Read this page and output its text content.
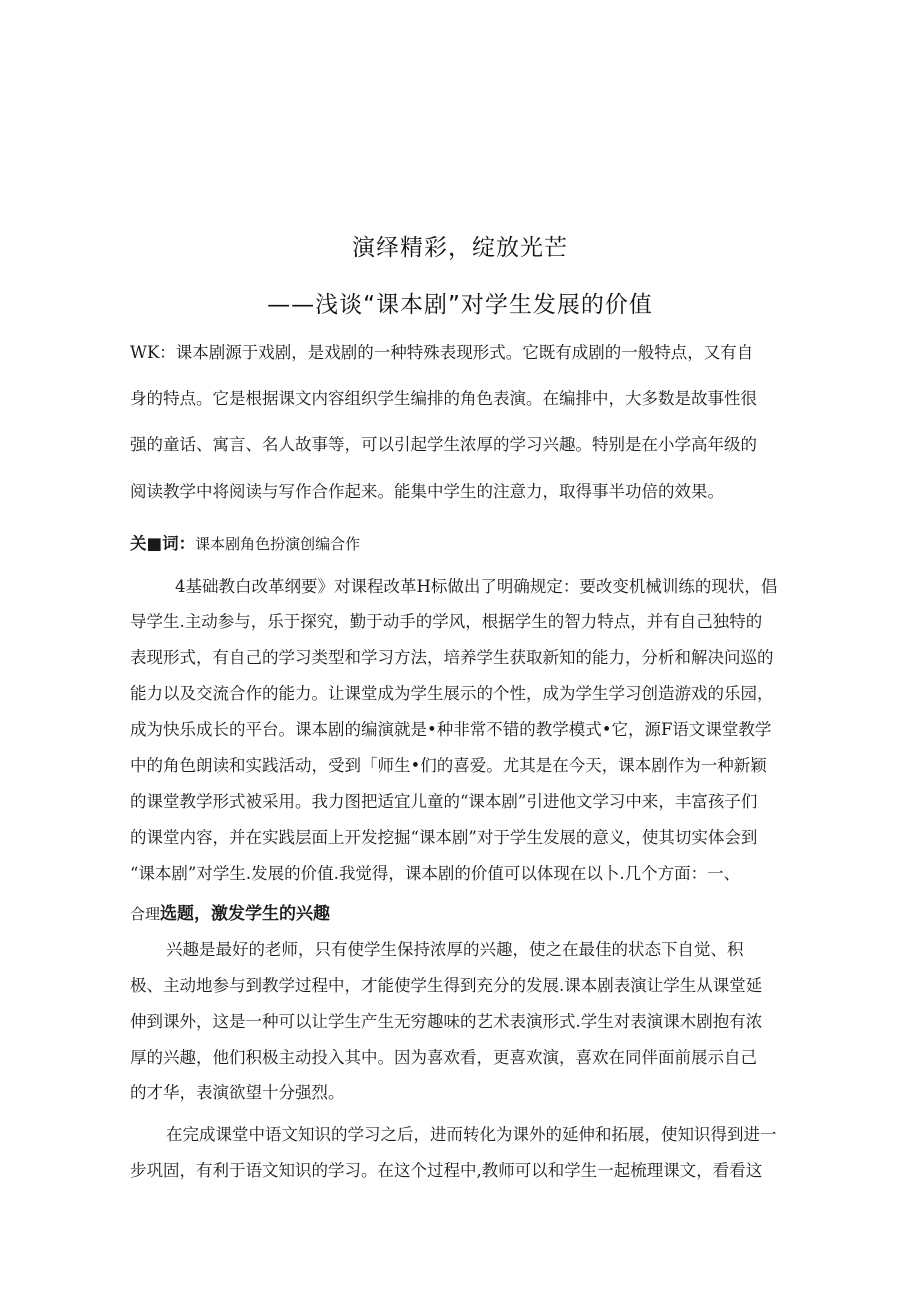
演绎精彩，绽放光芒
——浅谈“课本剧”对学生发展的价值
WK：课本剧源于戏剧，是戏剧的一种特殊表现形式。它既有成剧的一般特点，又有自
身的特点。它是根据课文内容组织学生编排的角色表演。在编排中，大多数是故事性很
强的童话、寓言、名人故事等，可以引起学生浓厚的学习兴趣。特别是在小学高年级的
阅读教学中将阅读与写作合作起来。能集中学生的注意力，取得事半功倍的效果。
关■词：课本剧角色扮演创编合作
4基础教白改革纲要》对课程改革H标做出了明确规定：要改变机械训练的现状，倡
导学生.主动参与，乐于探究，勤于动手的学风，根据学生的智力特点，并有自己独特的
表现形式，有自己的学习类型和学习方法，培养学生获取新知的能力，分析和解决问巡的
能力以及交流合作的能力。让课堂成为学生展示的个性，成为学生学习创造游戏的乐园，
成为快乐成长的平台。课本剧的编演就是•种非常不错的教学模式•它，源F语文课堂教学
中的角色朗读和实践活动，受到「师生•们的喜爱。尤其是在今天，课本剧作为一种新颖
的课堂教学形式被采用。我力图把适宜儿童的“课本剧”引进他文学习中来，丰富孩子们
的课堂内容，并在实践层面上开发挖掘“课本剧”对于学生发展的意义，使其切实体会到
“课本剧”对学生.发展的价值.我觉得，课本剧的价值可以体现在以卜.几个方面：一、
合理选题，激发学生的兴趣
兴趣是最好的老师，只有使学生保持浓厚的兴趣，使之在最佳的状态下自觉、积
极、主动地参与到教学过程中，才能使学生得到充分的发展.课本剧表演让学生从课堂延
伸到课外，这是一种可以让学生产生无穷趣味的艺术表演形式.学生对表演课木剧抱有浓
厚的兴趣，他们积极主动投入其中。因为喜欢看，更喜欢演，喜欢在同伴面前展示自己
的才华，表演欲望十分强烈。
在完成课堂中语文知识的学习之后，进而转化为课外的延伸和拓展，使知识得到进一
步巩固，有利于语文知识的学习。在这个过程中,教师可以和学生一起梳理课文，看看这
